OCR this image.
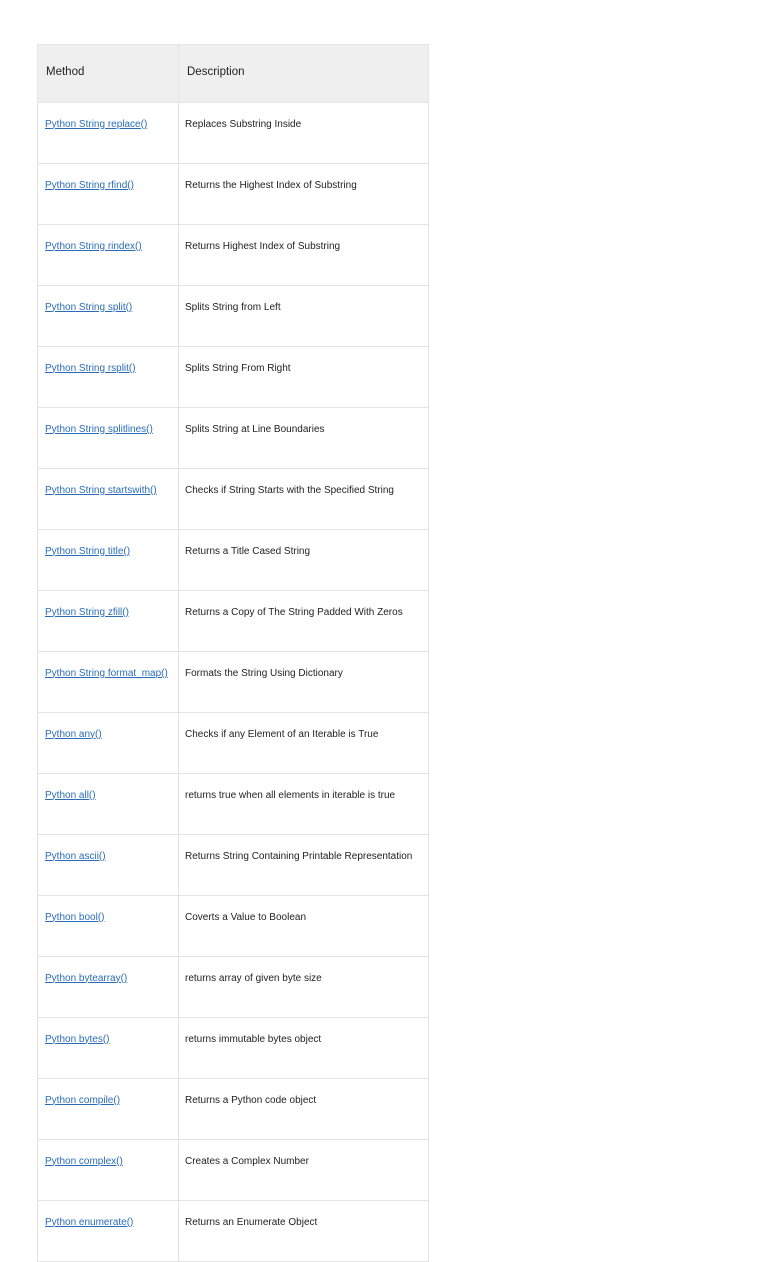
Method	Description
Python String replace()	Replaces Substring Inside
Python String rfind()	Returns the Highest Index of Substring
Python String rindex()	Returns Highest Index of Substring
Python String split()	Splits String from Left
Python String rsplit()	Splits String From Right
Python String splitlines()	Splits String at Line Boundaries
Python String startswith()	Checks if String Starts with the Specified String
Python String title()	Returns a Title Cased String
Python String zfill()	Returns a Copy of The String Padded With Zeros
Python String format_map()	Formats the String Using Dictionary
Python any()	Checks if any Element of an Iterable is True
Python all()	returns true when all elements in iterable is true
Python ascii()	Returns String Containing Printable Representation
Python bool()	Coverts a Value to Boolean
Python bytearray()	returns array of given byte size
Python bytes()	returns immutable bytes object
Python compile()	Returns a Python code object
Python complex()	Creates a Complex Number
Python enumerate()	Returns an Enumerate Object
